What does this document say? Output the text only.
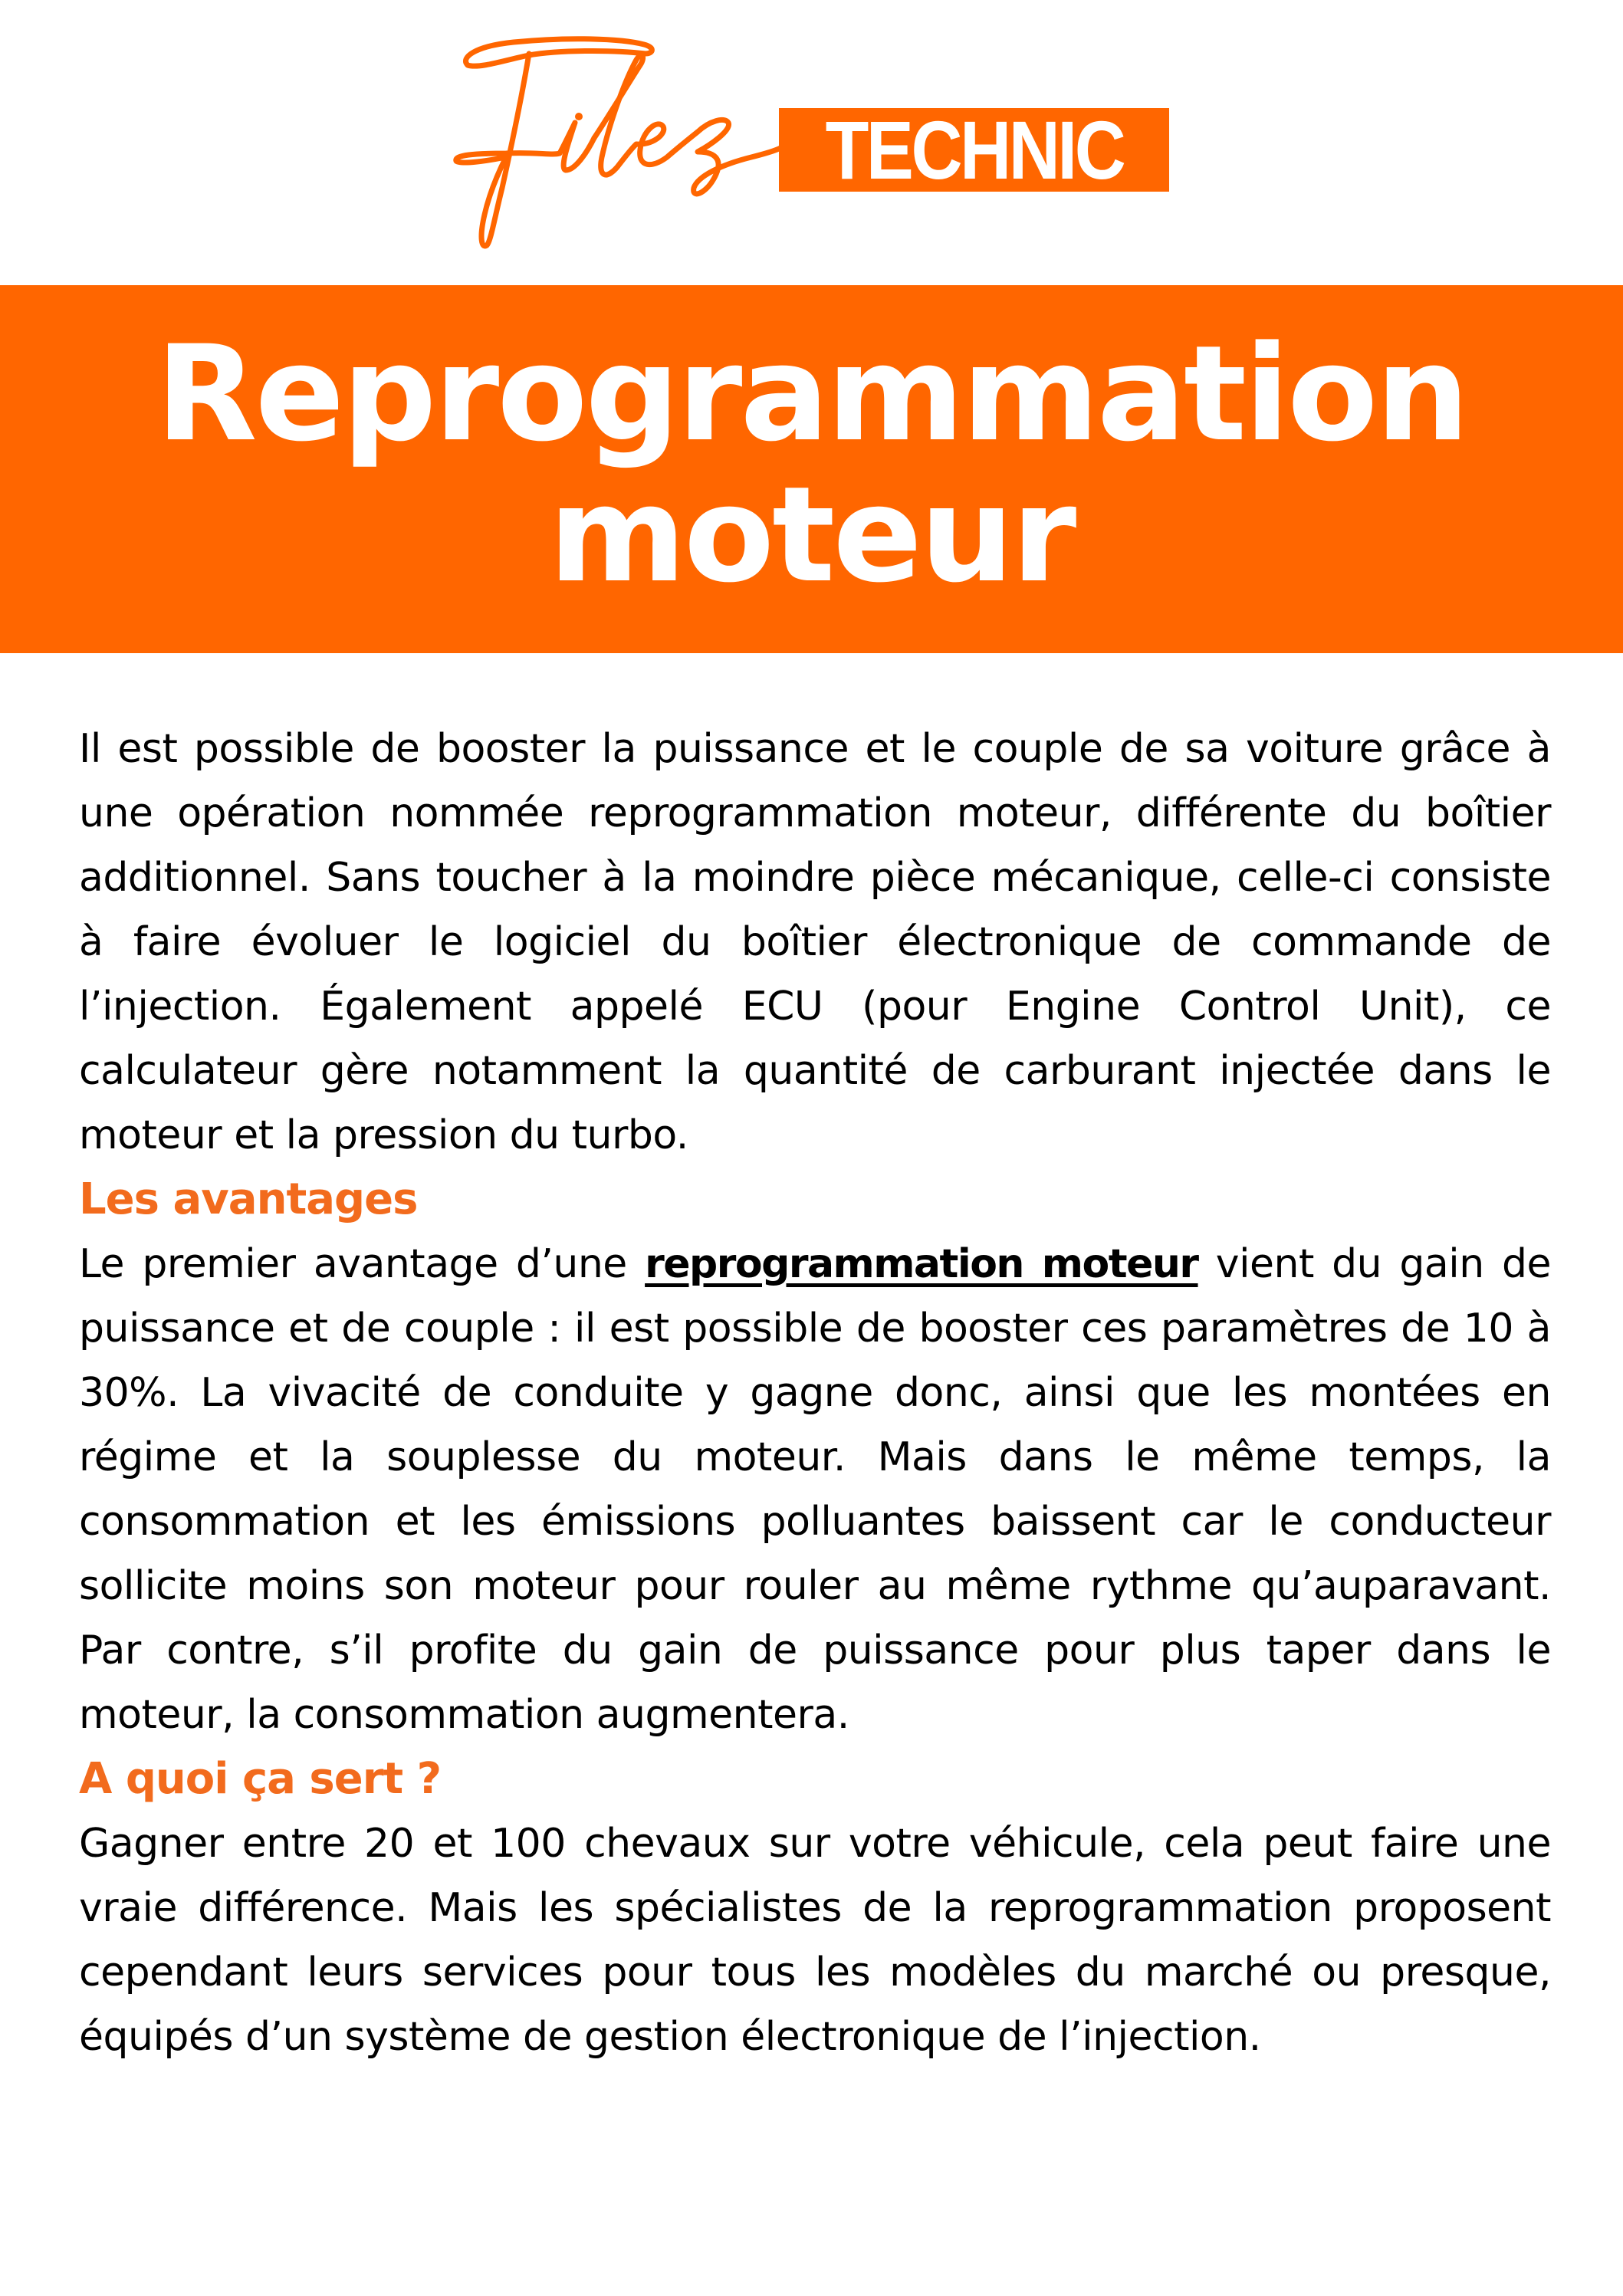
TECHNIC
Reprogrammation
moteur

Il est possible de booster la puissance et le couple de sa voiture grâce à une opération nommée reprogrammation moteur, différente du boîtier additionnel. Sans toucher à la moindre pièce mécanique, celle-ci consiste à faire évoluer le logiciel du boîtier électronique de commande de l’injection. Également appelé ECU (pour Engine Control Unit), ce calculateur gère notamment la quantité de carburant injectée dans le moteur et la pression du turbo.

Les avantages

Le premier avantage d’une reprogrammation moteur vient du gain de puissance et de couple : il est possible de booster ces paramètres de 10 à 30%. La vivacité de conduite y gagne donc, ainsi que les montées en régime et la souplesse du moteur. Mais dans le même temps, la consommation et les émissions polluantes baissent car le conducteur sollicite moins son moteur pour rouler au même rythme qu’auparavant. Par contre, s’il profite du gain de puissance pour plus taper dans le moteur, la consommation augmentera.

A quoi ça sert ?

Gagner entre 20 et 100 chevaux sur votre véhicule, cela peut faire une vraie différence. Mais les spécialistes de la reprogrammation proposent cependant leurs services pour tous les modèles du marché ou presque, équipés d’un système de gestion électronique de l’injection.
